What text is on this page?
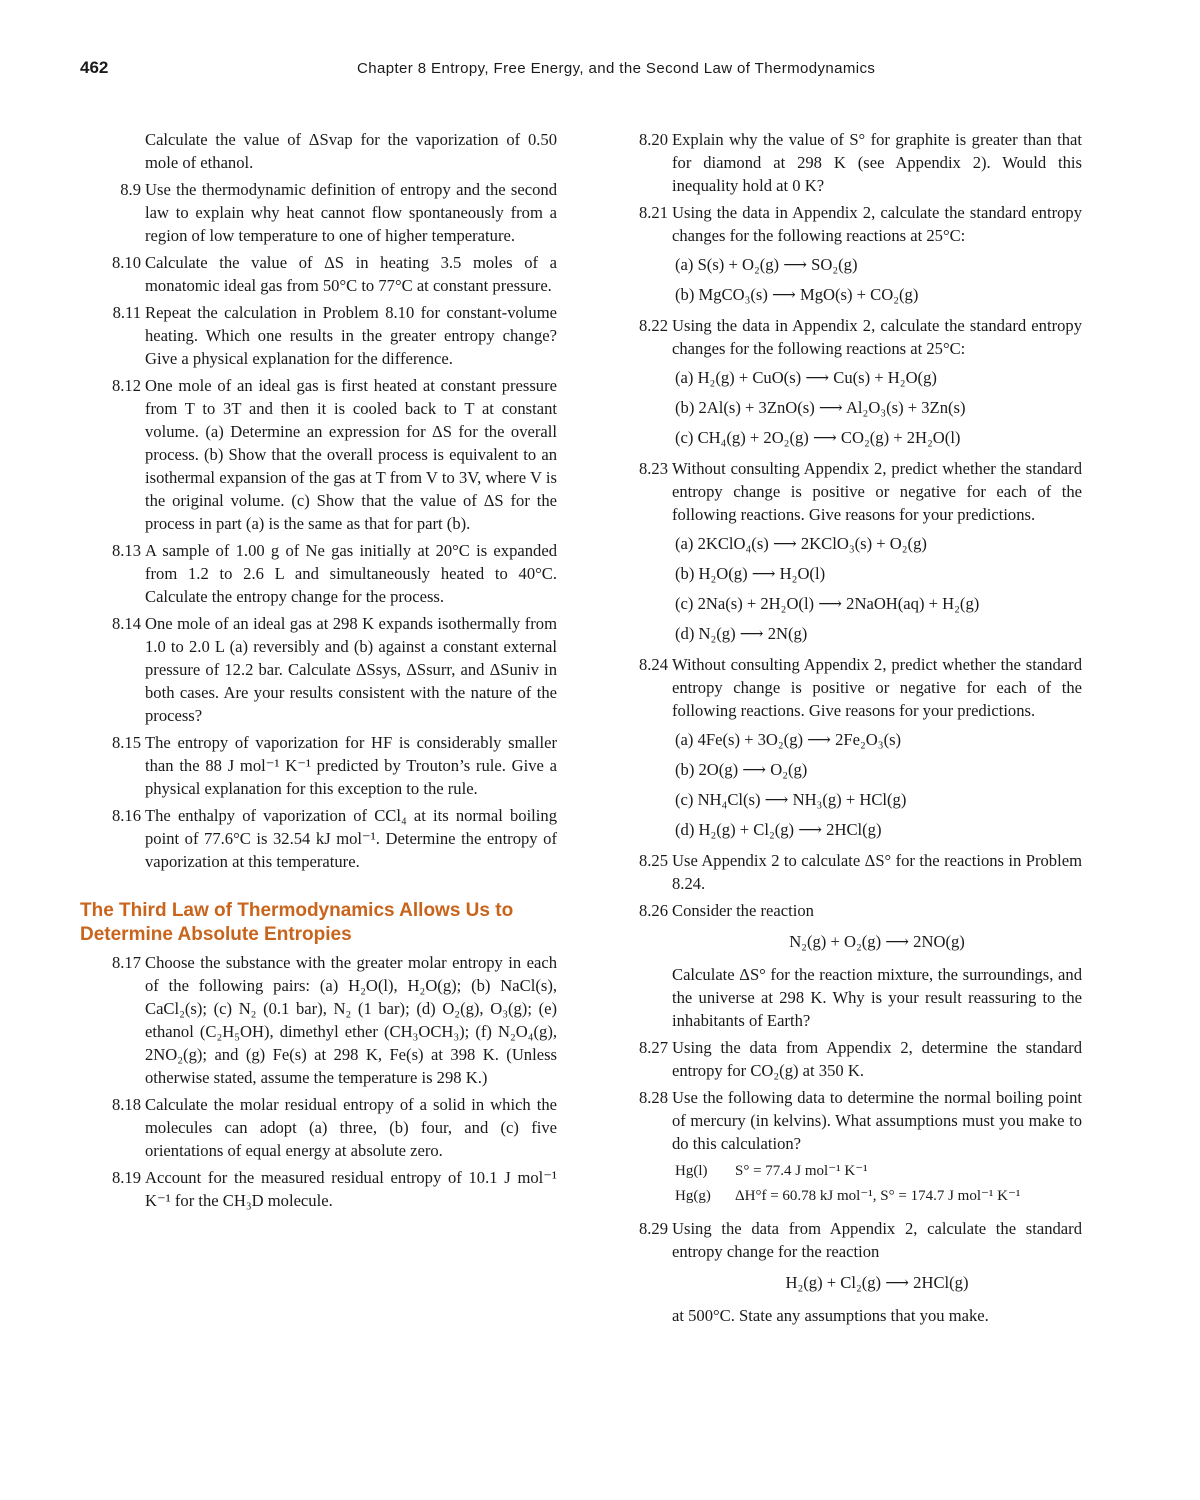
462	Chapter 8 Entropy, Free Energy, and the Second Law of Thermodynamics
Calculate the value of ΔSvap for the vaporization of 0.50 mole of ethanol.
8.9 Use the thermodynamic definition of entropy and the second law to explain why heat cannot flow spontaneously from a region of low temperature to one of higher temperature.
8.10 Calculate the value of ΔS in heating 3.5 moles of a monatomic ideal gas from 50°C to 77°C at constant pressure.
8.11 Repeat the calculation in Problem 8.10 for constant-volume heating. Which one results in the greater entropy change? Give a physical explanation for the difference.
8.12 One mole of an ideal gas is first heated at constant pressure from T to 3T and then it is cooled back to T at constant volume. (a) Determine an expression for ΔS for the overall process. (b) Show that the overall process is equivalent to an isothermal expansion of the gas at T from V to 3V, where V is the original volume. (c) Show that the value of ΔS for the process in part (a) is the same as that for part (b).
8.13 A sample of 1.00 g of Ne gas initially at 20°C is expanded from 1.2 to 2.6 L and simultaneously heated to 40°C. Calculate the entropy change for the process.
8.14 One mole of an ideal gas at 298 K expands isothermally from 1.0 to 2.0 L (a) reversibly and (b) against a constant external pressure of 12.2 bar. Calculate ΔSsys, ΔSsurr, and ΔSuniv in both cases. Are your results consistent with the nature of the process?
8.15 The entropy of vaporization for HF is considerably smaller than the 88 J mol⁻¹ K⁻¹ predicted by Trouton’s rule. Give a physical explanation for this exception to the rule.
8.16 The enthalpy of vaporization of CCl₄ at its normal boiling point of 77.6°C is 32.54 kJ mol⁻¹. Determine the entropy of vaporization at this temperature.
The Third Law of Thermodynamics Allows Us to Determine Absolute Entropies
8.17 Choose the substance with the greater molar entropy in each of the following pairs: (a) H₂O(l), H₂O(g); (b) NaCl(s), CaCl₂(s); (c) N₂ (0.1 bar), N₂ (1 bar); (d) O₂(g), O₃(g); (e) ethanol (C₂H₅OH), dimethyl ether (CH₃OCH₃); (f) N₂O₄(g), 2NO₂(g); and (g) Fe(s) at 298 K, Fe(s) at 398 K. (Unless otherwise stated, assume the temperature is 298 K.)
8.18 Calculate the molar residual entropy of a solid in which the molecules can adopt (a) three, (b) four, and (c) five orientations of equal energy at absolute zero.
8.19 Account for the measured residual entropy of 10.1 J mol⁻¹ K⁻¹ for the CH₃D molecule.
8.20 Explain why the value of S° for graphite is greater than that for diamond at 298 K (see Appendix 2). Would this inequality hold at 0 K?
8.21 Using the data in Appendix 2, calculate the standard entropy changes for the following reactions at 25°C:
(a) S(s) + O₂(g) ⟶ SO₂(g)
(b) MgCO₃(s) ⟶ MgO(s) + CO₂(g)
8.22 Using the data in Appendix 2, calculate the standard entropy changes for the following reactions at 25°C:
(a) H₂(g) + CuO(s) ⟶ Cu(s) + H₂O(g)
(b) 2Al(s) + 3ZnO(s) ⟶ Al₂O₃(s) + 3Zn(s)
(c) CH₄(g) + 2O₂(g) ⟶ CO₂(g) + 2H₂O(l)
8.23 Without consulting Appendix 2, predict whether the standard entropy change is positive or negative for each of the following reactions. Give reasons for your predictions.
(a) 2KClO₄(s) ⟶ 2KClO₃(s) + O₂(g)
(b) H₂O(g) ⟶ H₂O(l)
(c) 2Na(s) + 2H₂O(l) ⟶ 2NaOH(aq) + H₂(g)
(d) N₂(g) ⟶ 2N(g)
8.24 Without consulting Appendix 2, predict whether the standard entropy change is positive or negative for each of the following reactions. Give reasons for your predictions.
(a) 4Fe(s) + 3O₂(g) ⟶ 2Fe₂O₃(s)
(b) 2O(g) ⟶ O₂(g)
(c) NH₄Cl(s) ⟶ NH₃(g) + HCl(g)
(d) H₂(g) + Cl₂(g) ⟶ 2HCl(g)
8.25 Use Appendix 2 to calculate ΔS° for the reactions in Problem 8.24.
8.26 Consider the reaction
N₂(g) + O₂(g) ⟶ 2NO(g)
Calculate ΔS° for the reaction mixture, the surroundings, and the universe at 298 K. Why is your result reassuring to the inhabitants of Earth?
8.27 Using the data from Appendix 2, determine the standard entropy for CO₂(g) at 350 K.
8.28 Use the following data to determine the normal boiling point of mercury (in kelvins). What assumptions must you make to do this calculation?
Hg(l) S° = 77.4 J mol⁻¹ K⁻¹
Hg(g) ΔH°f = 60.78 kJ mol⁻¹, S° = 174.7 J mol⁻¹ K⁻¹
8.29 Using the data from Appendix 2, calculate the standard entropy change for the reaction
H₂(g) + Cl₂(g) ⟶ 2HCl(g)
at 500°C. State any assumptions that you make.
